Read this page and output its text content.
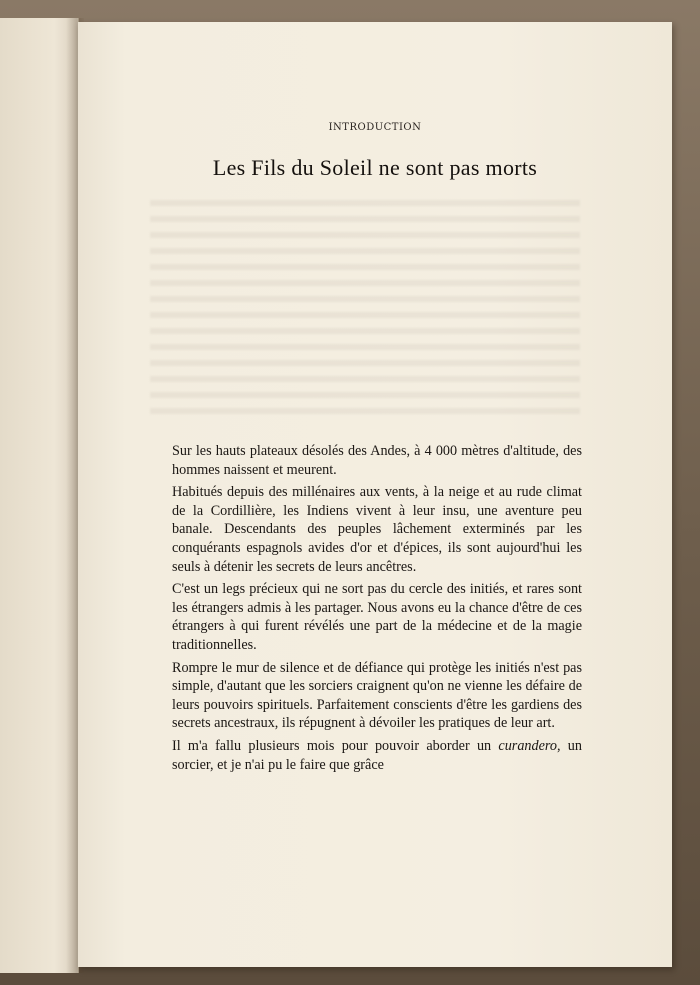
INTRODUCTION
Les Fils du Soleil ne sont pas morts

Sur les hauts plateaux désolés des Andes, à 4 000 mètres d'altitude, des hommes naissent et meurent.

Habitués depuis des millénaires aux vents, à la neige et au rude climat de la Cordillière, les Indiens vivent à leur insu, une aventure peu banale. Descendants des peuples lâchement exterminés par les conquérants espagnols avides d'or et d'épices, ils sont aujourd'hui les seuls à détenir les secrets de leurs ancêtres.

C'est un legs précieux qui ne sort pas du cercle des initiés, et rares sont les étrangers admis à les partager. Nous avons eu la chance d'être de ces étrangers à qui furent révélés une part de la médecine et de la magie traditionnelles.

Rompre le mur de silence et de défiance qui protège les initiés n'est pas simple, d'autant que les sorciers craignent qu'on ne vienne les défaire de leurs pouvoirs spirituels. Parfaitement conscients d'être les gardiens des secrets ancestraux, ils répugnent à dévoiler les pratiques de leur art.

Il m'a fallu plusieurs mois pour pouvoir aborder un curandero, un sorcier, et je n'ai pu le faire que grâce
